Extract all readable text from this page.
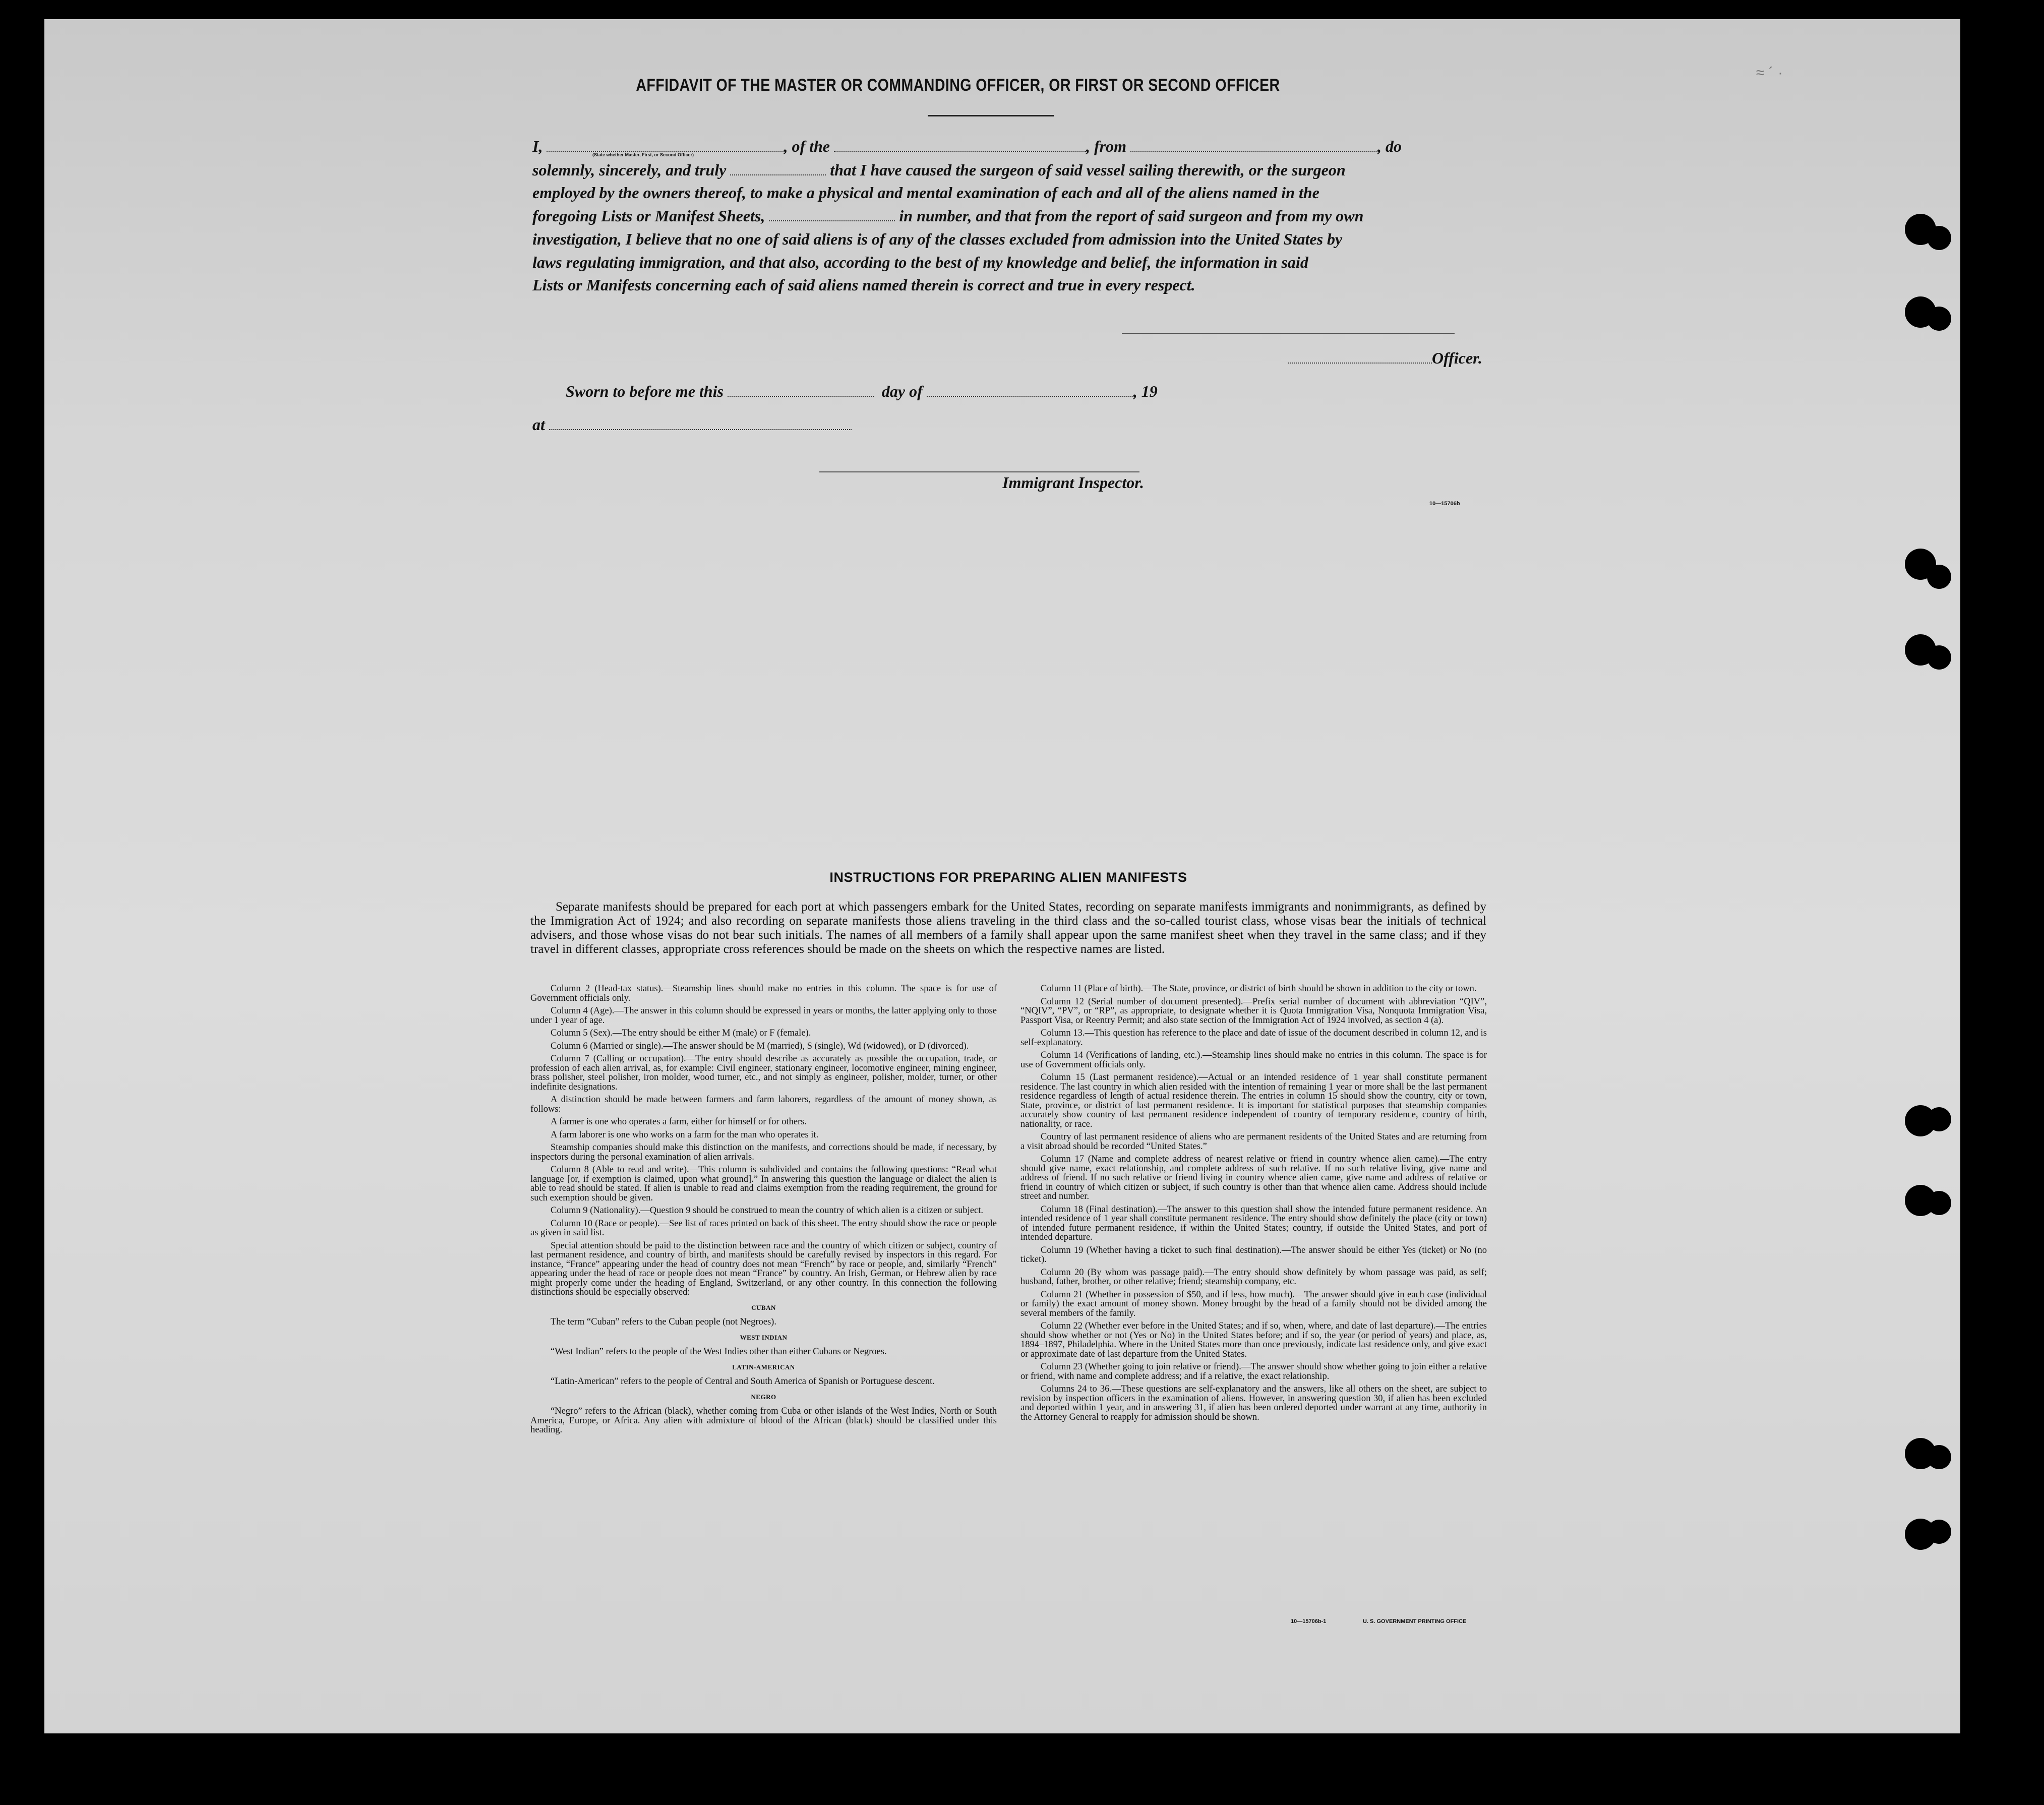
≈ ´ ·
AFFIDAVIT OF THE MASTER OR COMMANDING OFFICER, OR FIRST OR SECOND OFFICER
I,	, of the	, from	, do
(State whether Master, First, or Second Officer)
solemnly, sincerely, and truly	that I have caused the surgeon of said vessel sailing therewith, or the surgeon
employed by the owners thereof, to make a physical and mental examination of each and all of the aliens named in the
foregoing Lists or Manifest Sheets,	in number, and that from the report of said surgeon and from my own
investigation, I believe that no one of said aliens is of any of the classes excluded from admission into the United States by
laws regulating immigration, and that also, according to the best of my knowledge and belief, the information in said
Lists or Manifests concerning each of said aliens named therein is correct and true in every respect.
Officer.
Sworn to before me this	day of	, 19
at
Immigrant Inspector.
10—15706b
INSTRUCTIONS FOR PREPARING ALIEN MANIFESTS
Separate manifests should be prepared for each port at which passengers embark for the United States, recording on separate manifests immigrants and nonimmigrants, as defined by the Immigration Act of 1924; and also recording on separate manifests those aliens traveling in the third class and the so-called tourist class, whose visas bear the initials of technical advisers, and those whose visas do not bear such initials. The names of all members of a family shall appear upon the same manifest sheet when they travel in the same class; and if they travel in different classes, appropriate cross references should be made on the sheets on which the respective names are listed.

Column 2 (Head-tax status).—Steamship lines should make no entries in this column. The space is for use of Government officials only.

Column 4 (Age).—The answer in this column should be expressed in years or months, the latter applying only to those under 1 year of age.

Column 5 (Sex).—The entry should be either M (male) or F (female).

Column 6 (Married or single).—The answer should be M (married), S (single), Wd (widowed), or D (divorced).

Column 7 (Calling or occupation).—The entry should describe as accurately as possible the occupation, trade, or profession of each alien arrival, as, for example: Civil engineer, stationary engineer, locomotive engineer, mining engineer, brass polisher, steel polisher, iron molder, wood turner, etc., and not simply as engineer, polisher, molder, turner, or other indefinite designations.

A distinction should be made between farmers and farm laborers, regardless of the amount of money shown, as follows:

A farmer is one who operates a farm, either for himself or for others.

A farm laborer is one who works on a farm for the man who operates it.

Steamship companies should make this distinction on the manifests, and corrections should be made, if necessary, by inspectors during the personal examination of alien arrivals.

Column 8 (Able to read and write).—This column is subdivided and contains the following questions: “Read what language [or, if exemption is claimed, upon what ground].” In answering this question the language or dialect the alien is able to read should be stated. If alien is unable to read and claims exemption from the reading requirement, the ground for such exemption should be given.

Column 9 (Nationality).—Question 9 should be construed to mean the country of which alien is a citizen or subject.

Column 10 (Race or people).—See list of races printed on back of this sheet. The entry should show the race or people as given in said list.

Special attention should be paid to the distinction between race and the country of which citizen or subject, country of last permanent residence, and country of birth, and manifests should be carefully revised by inspectors in this regard. For instance, “France” appearing under the head of country does not mean “French” by race or people, and, similarly “French” appearing under the head of race or people does not mean “France” by country. An Irish, German, or Hebrew alien by race might properly come under the heading of England, Switzerland, or any other country. In this connection the following distinctions should be especially observed:

CUBAN

The term “Cuban” refers to the Cuban people (not Negroes).

WEST INDIAN

“West Indian” refers to the people of the West Indies other than either Cubans or Negroes.

LATIN-AMERICAN

“Latin-American” refers to the people of Central and South America of Spanish or Portuguese descent.

NEGRO

“Negro” refers to the African (black), whether coming from Cuba or other islands of the West Indies, North or South America, Europe, or Africa. Any alien with admixture of blood of the African (black) should be classified under this heading.

Column 11 (Place of birth).—The State, province, or district of birth should be shown in addition to the city or town.

Column 12 (Serial number of document presented).—Prefix serial number of document with abbreviation “QIV”, “NQIV”, “PV”, or “RP”, as appropriate, to designate whether it is Quota Immigration Visa, Nonquota Immigration Visa, Passport Visa, or Reentry Permit; and also state section of the Immigration Act of 1924 involved, as section 4 (a).

Column 13.—This question has reference to the place and date of issue of the document described in column 12, and is self-explanatory.

Column 14 (Verifications of landing, etc.).—Steamship lines should make no entries in this column. The space is for use of Government officials only.

Column 15 (Last permanent residence).—Actual or an intended residence of 1 year shall constitute permanent residence. The last country in which alien resided with the intention of remaining 1 year or more shall be the last permanent residence regardless of length of actual residence therein. The entries in column 15 should show the country, city or town, State, province, or district of last permanent residence. It is important for statistical purposes that steamship companies accurately show country of last permanent residence independent of country of temporary residence, country of birth, nationality, or race.

Country of last permanent residence of aliens who are permanent residents of the United States and are returning from a visit abroad should be recorded “United States.”

Column 17 (Name and complete address of nearest relative or friend in country whence alien came).—The entry should give name, exact relationship, and complete address of such relative. If no such relative living, give name and address of friend. If no such relative or friend living in country whence alien came, give name and address of relative or friend in country of which citizen or subject, if such country is other than that whence alien came. Address should include street and number.

Column 18 (Final destination).—The answer to this question shall show the intended future permanent residence. An intended residence of 1 year shall constitute permanent residence. The entry should show definitely the place (city or town) of intended future permanent residence, if within the United States; country, if outside the United States, and port of intended departure.

Column 19 (Whether having a ticket to such final destination).—The answer should be either Yes (ticket) or No (no ticket).

Column 20 (By whom was passage paid).—The entry should show definitely by whom passage was paid, as self; husband, father, brother, or other relative; friend; steamship company, etc.

Column 21 (Whether in possession of $50, and if less, how much).—The answer should give in each case (individual or family) the exact amount of money shown. Money brought by the head of a family should not be divided among the several members of the family.

Column 22 (Whether ever before in the United States; and if so, when, where, and date of last departure).—The entries should show whether or not (Yes or No) in the United States before; and if so, the year (or period of years) and place, as, 1894–1897, Philadelphia. Where in the United States more than once previously, indicate last residence only, and give exact or approximate date of last departure from the United States.

Column 23 (Whether going to join relative or friend).—The answer should show whether going to join either a relative or friend, with name and complete address; and if a relative, the exact relationship.

Columns 24 to 36.—These questions are self-explanatory and the answers, like all others on the sheet, are subject to revision by inspection officers in the examination of aliens. However, in answering question 30, if alien has been excluded and deported within 1 year, and in answering 31, if alien has been ordered deported under warrant at any time, authority in the Attorney General to reapply for admission should be shown.

10—15706b-1	U. S. GOVERNMENT PRINTING OFFICE
